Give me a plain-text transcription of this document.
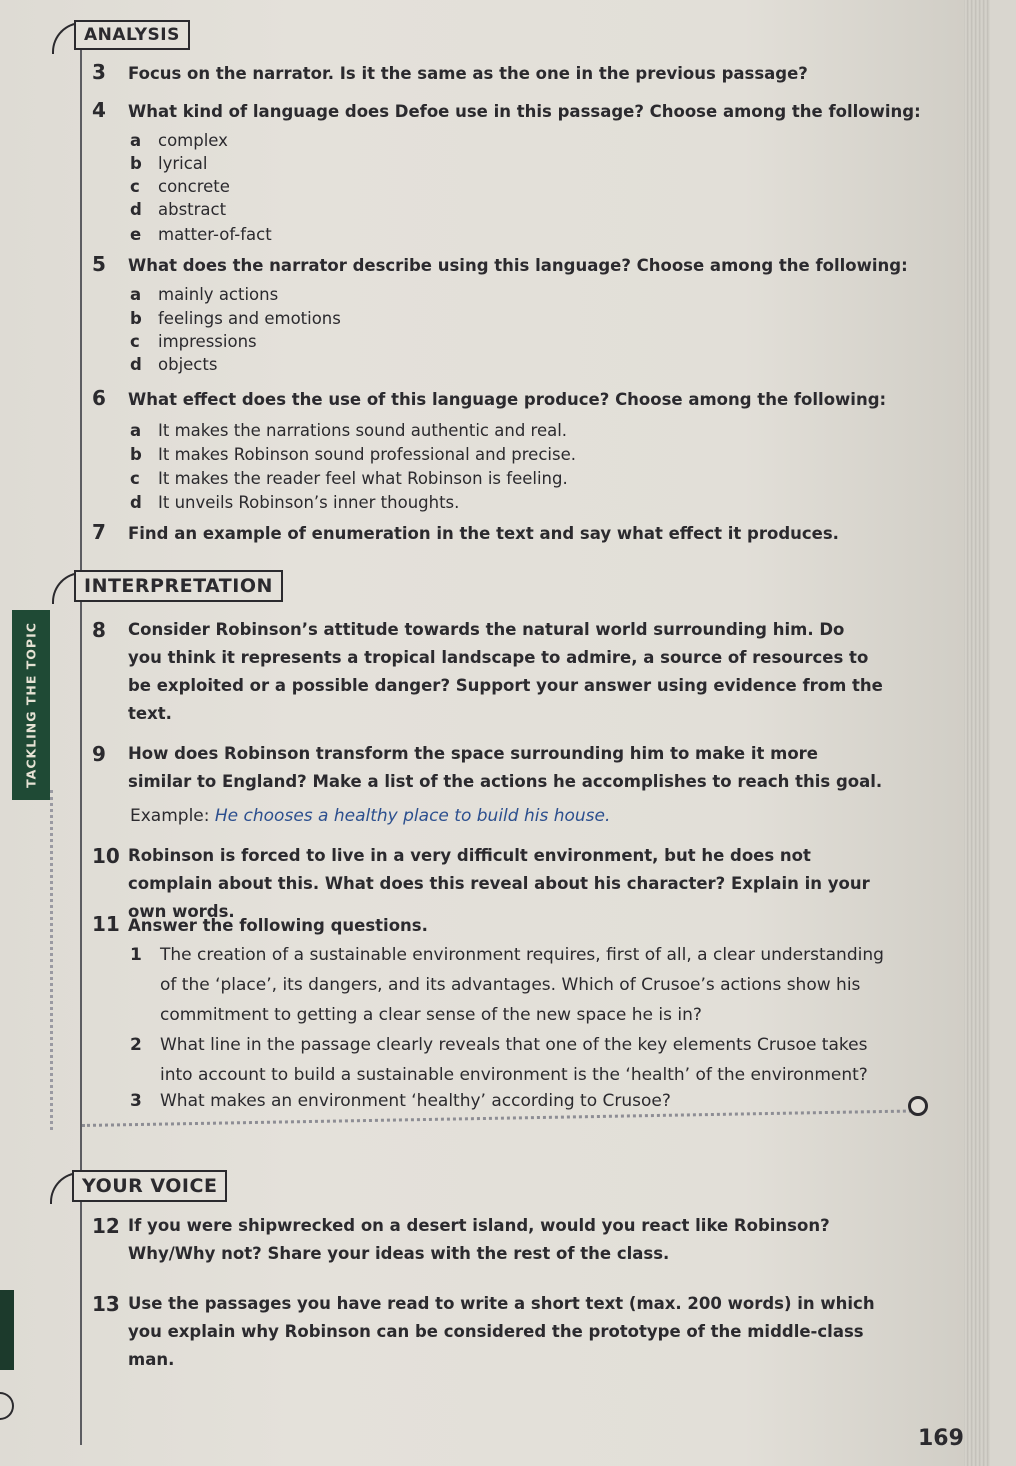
TACKLING THE TOPIC
ANALYSIS
3 Focus on the narrator. Is it the same as the one in the previous passage?
4 What kind of language does Defoe use in this passage? Choose among the following:
a complex
b lyrical
c concrete
d abstract
e matter-of-fact
5 What does the narrator describe using this language? Choose among the following:
a mainly actions
b feelings and emotions
c impressions
d objects
6 What effect does the use of this language produce? Choose among the following:
a It makes the narrations sound authentic and real.
b It makes Robinson sound professional and precise.
c It makes the reader feel what Robinson is feeling.
d It unveils Robinson’s inner thoughts.
7 Find an example of enumeration in the text and say what effect it produces.
INTERPRETATION
8 Consider Robinson’s attitude towards the natural world surrounding him. Do you think it represents a tropical landscape to admire, a source of resources to be exploited or a possible danger? Support your answer using evidence from the text.
9 How does Robinson transform the space surrounding him to make it more similar to England? Make a list of the actions he accomplishes to reach this goal.
Example: He chooses a healthy place to build his house.
10 Robinson is forced to live in a very difficult environment, but he does not complain about this. What does this reveal about his character? Explain in your own words.
11 Answer the following questions.
1 The creation of a sustainable environment requires, first of all, a clear understanding of the ‘place’, its dangers, and its advantages. Which of Crusoe’s actions show his commitment to getting a clear sense of the new space he is in?
2 What line in the passage clearly reveals that one of the key elements Crusoe takes into account to build a sustainable environment is the ‘health’ of the environment?
3 What makes an environment ‘healthy’ according to Crusoe?
YOUR VOICE
12 If you were shipwrecked on a desert island, would you react like Robinson? Why/Why not? Share your ideas with the rest of the class.
13 Use the passages you have read to write a short text (max. 200 words) in which you explain why Robinson can be considered the prototype of the middle-class man.
169
